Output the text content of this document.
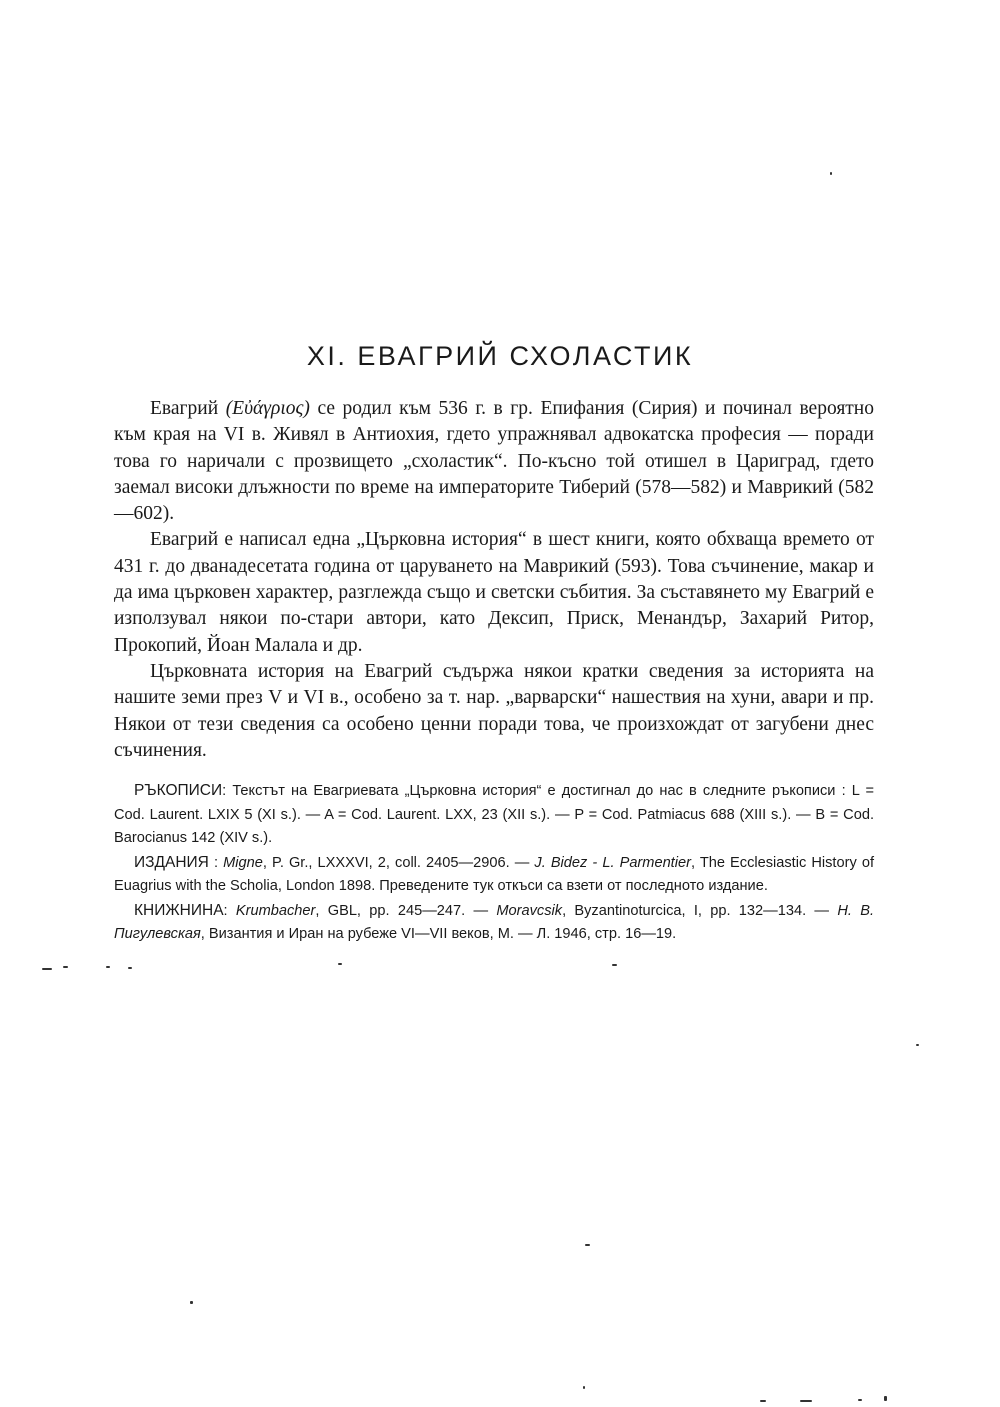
XI. ЕВАГРИЙ СХОЛАСТИК

Евагрий (Εὐάγριος) се родил към 536 г. в гр. Епифания (Сирия) и починал вероятно към края на VI в. Живял в Антиохия, гдето упражнявал адвокатска професия — поради това го наричали с прозвището „схоластик“. По-късно той отишел в Цариград, гдето заемал високи длъжности по време на императорите Тиберий (578—582) и Маврикий (582—602).

Евагрий е написал една „Църковна история“ в шест книги, която обхваща времето от 431 г. до дванадесетата година от царуването на Маврикий (593). Това съчинение, макар и да има църковен характер, разглежда също и светски събития. За съставянето му Евагрий е използувал някои по-стари автори, като Дексип, Приск, Менандър, Захарий Ритор, Прокопий, Йоан Малала и др.

Църковната история на Евагрий съдържа някои кратки сведения за историята на нашите земи през V и VI в., особено за т. нар. „варварски“ нашествия на хуни, авари и пр. Някои от тези сведения са особено ценни поради това, че произхождат от загубени днес съчинения.

РЪКОПИСИ: Текстът на Евагриевата „Църковна история“ е достигнал до нас в следните ръкописи : L = Cod. Laurent. LXIX 5 (XI s.). — A = Cod. Laurent. LXX, 23 (XII s.). — P = Cod. Patmiacus 688 (XIII s.). — B = Cod. Barocianus 142 (XIV s.).

ИЗДАНИЯ : Migne, P. Gr., LXXXVI, 2, coll. 2405—2906. — J. Bidez - L. Parmentier, The Ecclesiastic History of Euagrius with the Scholia, London 1898. Преведените тук откъси са взети от последното издание.

КНИЖНИНА: Krumbacher, GBL, pp. 245—247. — Moravcsik, Byzantinoturcica, I, pp. 132—134. — Н. В. Пигулевская, Византия и Иран на рубеже VI—VII веков, М. — Л. 1946, стр. 16—19.
